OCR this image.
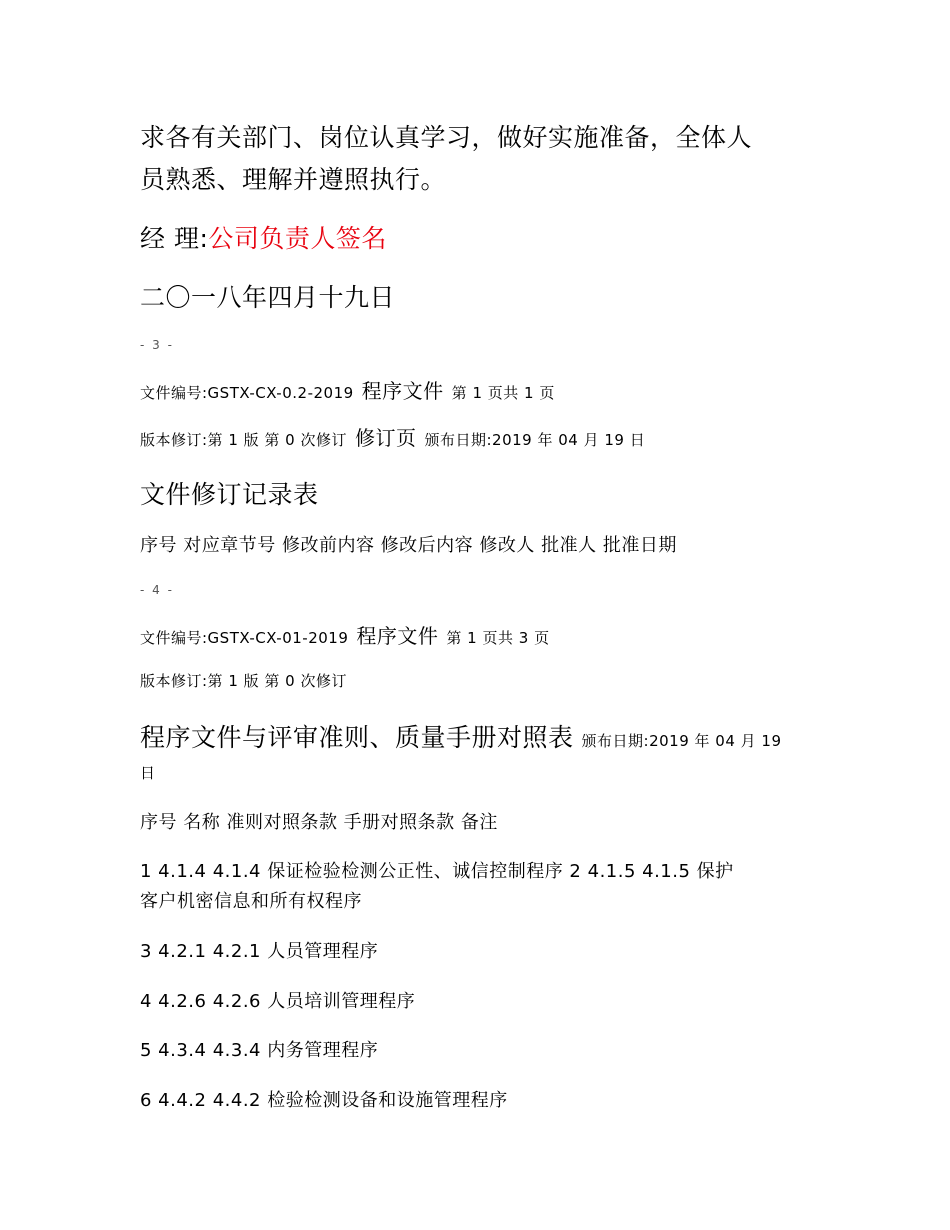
求各有关部门、岗位认真学习，做好实施准备，全体人
员熟悉、理解并遵照执行。
经 理:公司负责人签名
二〇一八年四月十九日
- 3 -
文件编号:GSTX-CX-0.2-2019 程序文件 第 1 页共 1 页
版本修订:第 1 版 第 0 次修订 修订页 颁布日期:2019 年 04 月 19 日
文件修订记录表
序号 对应章节号 修改前内容 修改后内容 修改人 批准人 批准日期
- 4 -
文件编号:GSTX-CX-01-2019 程序文件 第 1 页共 3 页
版本修订:第 1 版 第 0 次修订
程序文件与评审准则、质量手册对照表 颁布日期:2019 年 04 月 19
日
序号 名称 准则对照条款 手册对照条款 备注
1 4.1.4 4.1.4 保证检验检测公正性、诚信控制程序 2 4.1.5 4.1.5 保护
客户机密信息和所有权程序
3 4.2.1 4.2.1 人员管理程序
4 4.2.6 4.2.6 人员培训管理程序
5 4.3.4 4.3.4 内务管理程序
6 4.4.2 4.4.2 检验检测设备和设施管理程序
